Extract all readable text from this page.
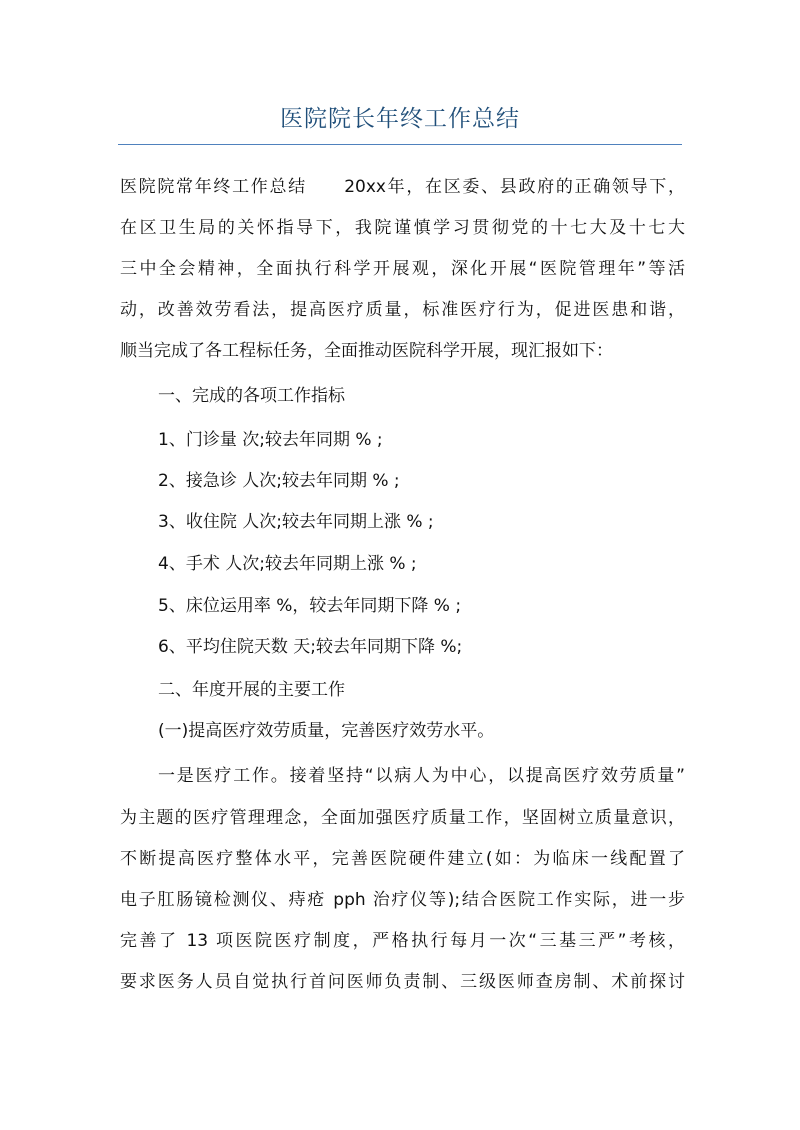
医院院长年终工作总结
医院院常年终工作总结　　20xx年，在区委、县政府的正确领导下，
在区卫生局的关怀指导下，我院谨慎学习贯彻党的十七大及十七大
三中全会精神，全面执行科学开展观，深化开展“医院管理年”等活
动，改善效劳看法，提高医疗质量，标准医疗行为，促进医患和谐，
顺当完成了各工程标任务，全面推动医院科学开展，现汇报如下：
一、完成的各项工作指标
1、门诊量 次;较去年同期 % ;
2、接急诊 人次;较去年同期 % ;
3、收住院 人次;较去年同期上涨 % ;
4、手术 人次;较去年同期上涨 % ;
5、床位运用率 %，较去年同期下降 % ;
6、平均住院天数 天;较去年同期下降 %;
二、年度开展的主要工作
(一)提高医疗效劳质量，完善医疗效劳水平。
一是医疗工作。接着坚持“以病人为中心，以提高医疗效劳质量”
为主题的医疗管理理念，全面加强医疗质量工作，坚固树立质量意识，
不断提高医疗整体水平，完善医院硬件建立(如：为临床一线配置了
电子肛肠镜检测仪、痔疮 pph 治疗仪等);结合医院工作实际，进一步
完善了 13 项医院医疗制度，严格执行每月一次“三基三严”考核，
要求医务人员自觉执行首问医师负责制、三级医师查房制、术前探讨
